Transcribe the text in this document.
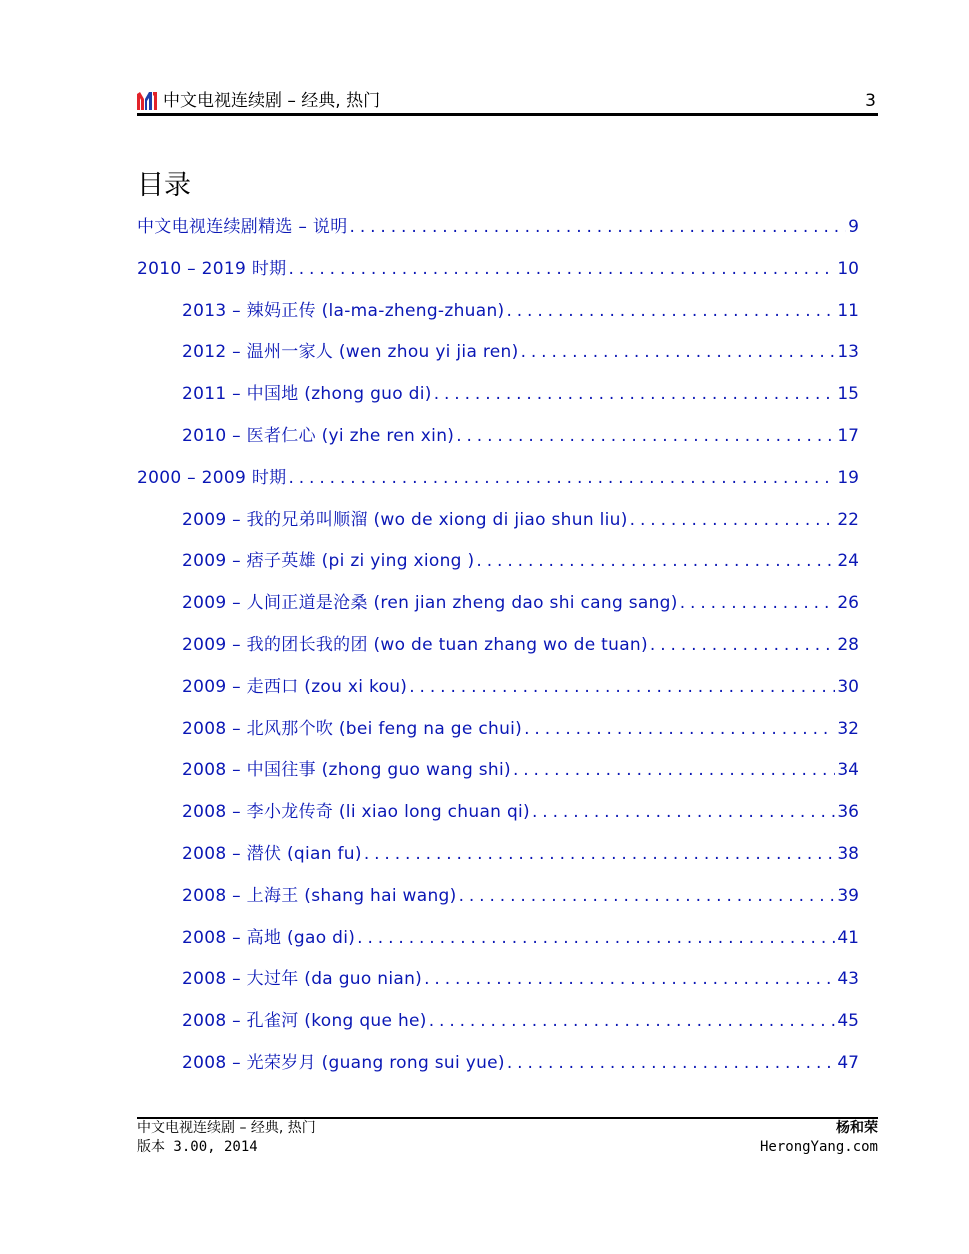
中文电视连续剧 – 经典, 热门	3
目录
中文电视连续剧精选 – 说明 .....	9
2010 – 2019 时期 .....	10
2013 – 辣妈正传 (la-ma-zheng-zhuan) .....	11
2012 – 温州一家人 (wen zhou yi jia ren) .....	13
2011 – 中国地 (zhong guo di) .....	15
2010 – 医者仁心 (yi zhe ren xin) .....	17
2000 – 2009 时期 .....	19
2009 – 我的兄弟叫顺溜 (wo de xiong di jiao shun liu) .....	22
2009 – 痞子英雄 (pi zi ying xiong ) .....	24
2009 – 人间正道是沧桑 (ren jian zheng dao shi cang sang) .....	26
2009 – 我的团长我的团 (wo de tuan zhang wo de tuan) .....	28
2009 – 走西口 (zou xi kou) .....	30
2008 – 北风那个吹 (bei feng na ge chui) .....	32
2008 – 中国往事 (zhong guo wang shi) .....	34
2008 – 李小龙传奇 (li xiao long chuan qi) .....	36
2008 – 潜伏 (qian fu) .....	38
2008 – 上海王 (shang hai wang) .....	39
2008 – 高地 (gao di) .....	41
2008 – 大过年 (da guo nian) .....	43
2008 – 孔雀河 (kong que he) .....	45
2008 – 光荣岁月 (guang rong sui yue) .....	47
中文电视连续剧 – 经典, 热门
版本 3.00, 2014
杨和荣
HerongYang.com
